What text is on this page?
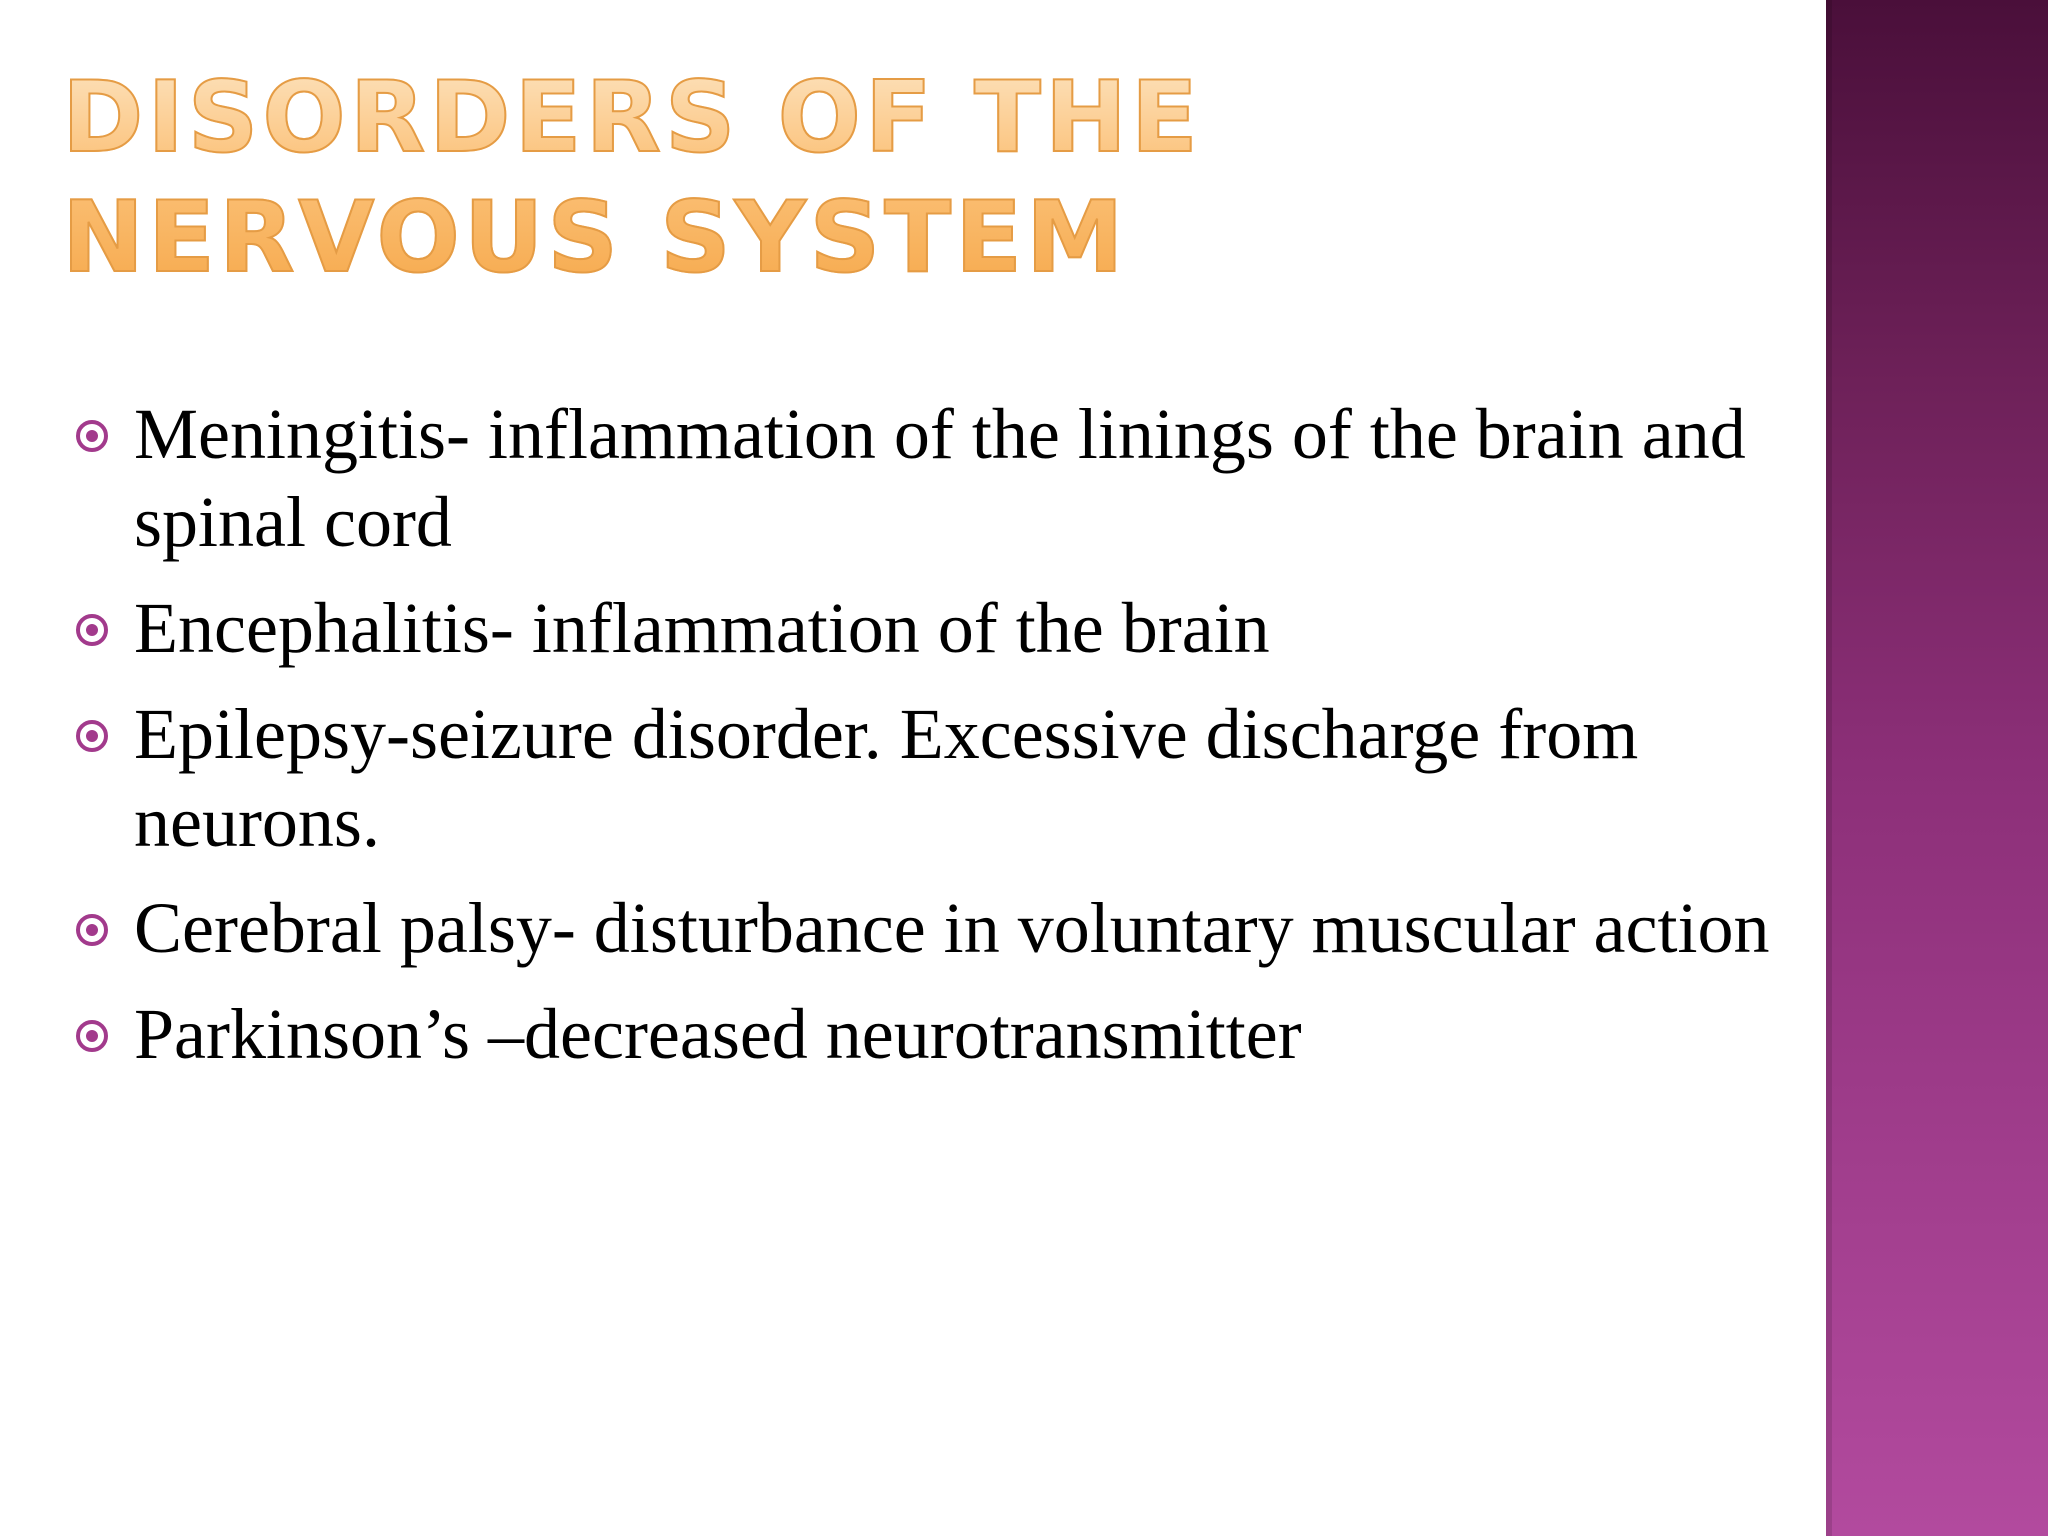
DISORDERS OF THE NERVOUS SYSTEM
Meningitis- inflammation of the linings of the brain and spinal cord
Encephalitis- inflammation of the brain
Epilepsy-seizure disorder. Excessive discharge from neurons.
Cerebral palsy- disturbance in voluntary muscular action
Parkinson’s –decreased neurotransmitter
